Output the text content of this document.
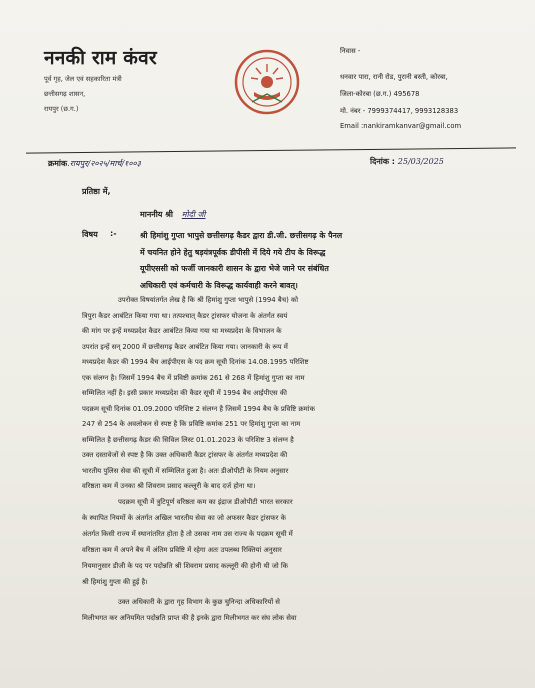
ननकी राम कंवर
पूर्व गृह, जेल एवं सहकारिता मंत्री
छत्तीसगढ़ शासन,
रायपुर (छ.ग.)
निवास -
धनवार पारा, रानी रोड, पुरानी बस्ती, कोरबा,
जिला-कोरबा (छ.ग.) 495678
मो. नंबर - 7999374417, 9993128383
Email :nankiramkanvar@gmail.com
क्रमांक.रायपुर/२०२५/मार्च/१००३	दिनांक : 25/03/2025
प्रतिष्ठा में,
माननीय श्री मोदी जी
विषय :-	श्री हिमांशु गुप्ता भापुसे छत्तीसगढ़ कैडर द्वारा डी.जी. छत्तीसगढ़ के पैनल
में चयनित होने हेतु षड़यंत्रपूर्वक डीपीसी में दिये गये टीप के विरूद्ध
यूपीएससी को फर्जी जानकारी शासन के द्वारा भेजे जाने पर संबंधित
अधिकारी एवं कर्मचारी के विरूद्ध कार्यवाही करने बावत्।
उपरोक्त विषयांतर्गत लेख है कि श्री हिमांशु गुप्ता भापुसे (1994 बैच) को
त्रिपुरा कैडर आबंटित किया गया था। तत्पश्चात् कैडर ट्रांसफर योजना के अंतर्गत स्वयं
की मांग पर इन्हें मध्यप्रदेश कैडर आबंटित किया गया था मध्यप्रदेश के विभाजन के
उपरांत इन्हें सन् 2000 में छत्तीसगढ़ कैडर आबंटित किया गया। जानकारी के रूप में
मध्यप्रदेश कैडर की 1994 बैच आईपीएस के पद क्रम सूची दिनांक 14.08.1995 परिशिष्ट
एक संलग्न है। जिसमें 1994 बैच में प्रविष्टी क्रमांक 261 से 268 में हिमांशु गुप्ता का नाम
सम्मिलित नहीं है। इसी प्रकार मध्यप्रदेश की कैडर सूची में 1994 बैच आईपीएस की
पदक्रम सूची दिनांक 01.09.2000 परिशिष्ट 2 संलग्न है जिसमें 1994 बैच के प्रविष्टि क्रमांक
247 से 254 के अवलोकन से स्पष्ट है कि प्रविष्टि कमांक 251 पर हिमांशु गुप्ता का नाम
सम्मिलित है छत्तीसगढ़ कैडर की सिविल लिस्ट 01.01.2023 के परिशिष्ट 3 संलग्न है
उक्त दस्तावेजों से स्पष्ट है कि उक्त अधिकारी कैडर ट्रांसफर के अंतर्गत मध्यप्रदेश की
भारतीय पुलिस सेवा की सूची में सम्मिलित हुआ है। अतः डीओपीटी के नियम अनुसार
वरिष्ठता कम में उनका श्री शिवराम प्रसाद कल्लूरी के बाद दर्ज होना था।
पदक्रम सूची में त्रुटिपूर्ण वरिष्ठता कम का इंद्राज डीओपीटी भारत सरकार
के स्थापित नियमों के अंतर्गत अखिल भारतीय सेवा का जो अफसर कैडर ट्रांसफर के
अंतर्गत किसी राज्य में स्थानांतरित होता है तो उसका नाम उस राज्य के पदक्रम सूची में
वरिष्ठता कम में अपने बैच में अंतिम प्रविष्टि में रहेगा अतः उपलब्ध रिक्तियां अनुसार
नियमानुसार डीजी के पद पर पदोन्नति श्री शिवराम प्रसाद कल्लूरी की होनी थी जो कि
श्री हिमांशु गुप्ता की हुई है।
उक्त अधिकारी के द्वारा गृह विभाग के कुछ चुनिन्दा अधिकारियों से
मिलीभगत कर अनियमित पदोन्नति प्राप्त की है इनके द्वारा मिलीभगत कर संघ लोक सेवा
